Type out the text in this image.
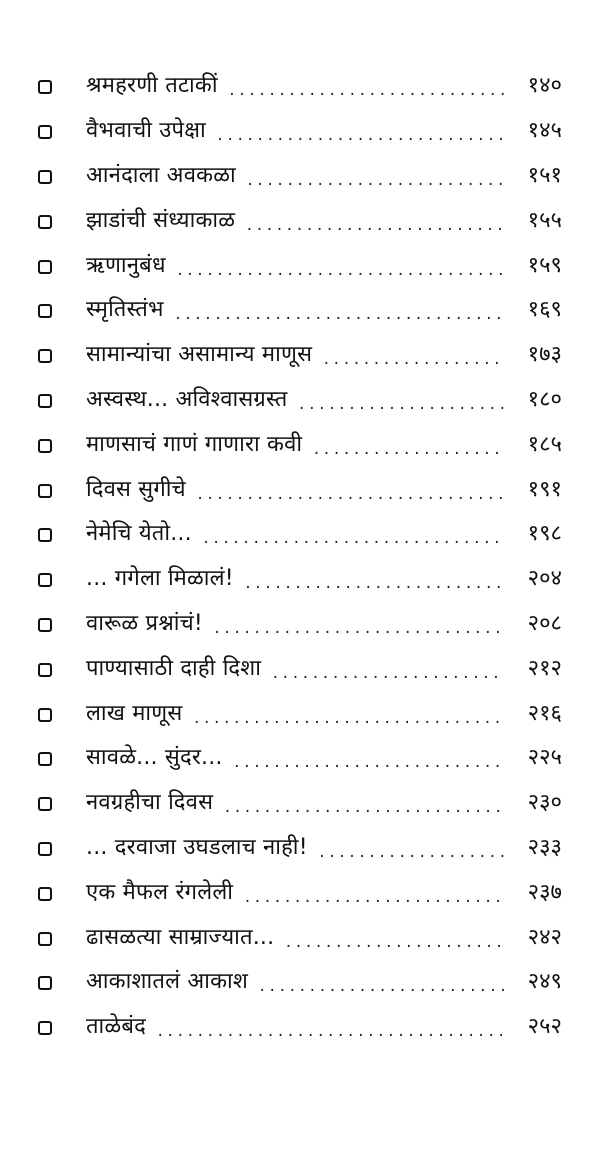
श्रमहरणी तटाकीं .....	१४०
वैभवाची उपेक्षा .....	१४५
आनंदाला अवकळा .....	१५१
झाडांची संध्याकाळ .....	१५५
ऋणानुबंध .....	१५९
स्मृतिस्तंभ .....	१६९
सामान्यांचा असामान्य माणूस .....	१७३
अस्वस्थ... अविश्वासग्रस्त .....	१८०
माणसाचं गाणं गाणारा कवी .....	१८५
दिवस सुगीचे .....	१९१
नेमेचि येतो... .....	१९८
... गगेला मिळालं! .....	२०४
वारूळ प्रश्नांचं! .....	२०८
पाण्यासाठी दाही दिशा .....	२१२
लाख माणूस .....	२१६
सावळे... सुंदर... .....	२२५
नवग्रहीचा दिवस .....	२३०
... दरवाजा उघडलाच नाही! .....	२३३
एक मैफल रंगलेली .....	२३७
ढासळत्या साम्राज्यात... .....	२४२
आकाशातलं आकाश .....	२४९
ताळेबंद .....	२५२
